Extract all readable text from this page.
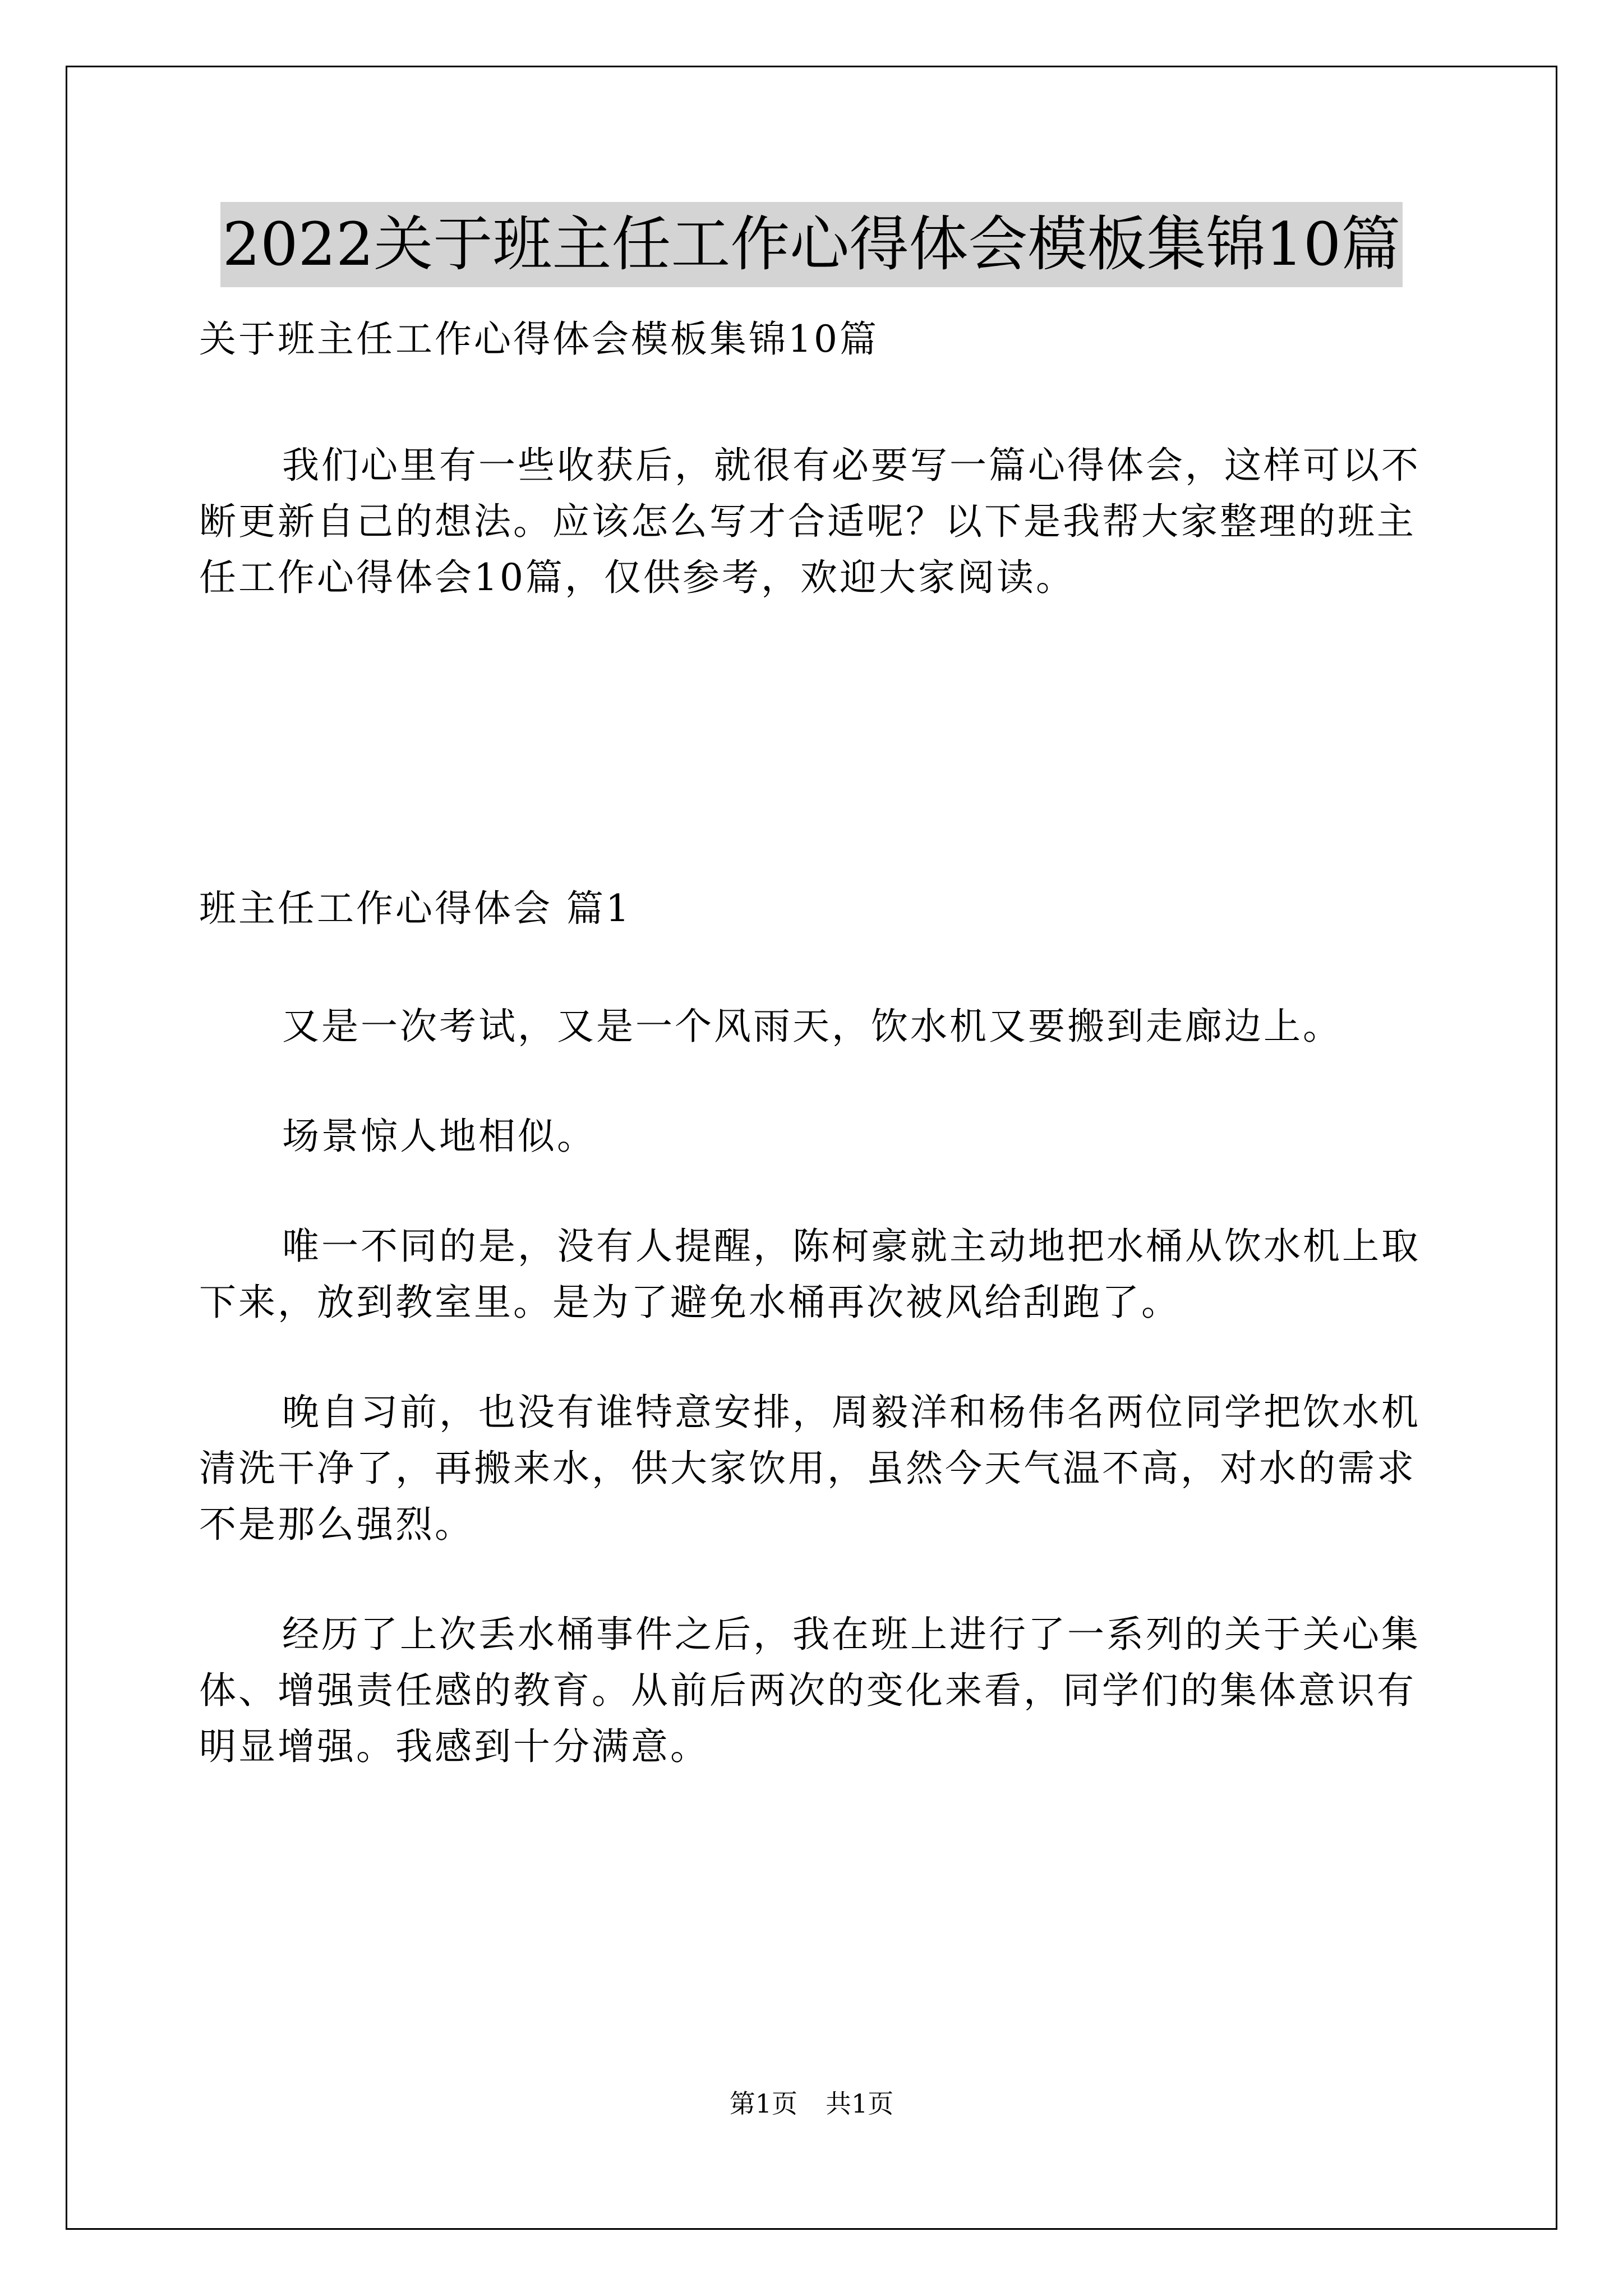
2022关于班主任工作心得体会模板集锦10篇

关于班主任工作心得体会模板集锦10篇

我们心里有一些收获后，就很有必要写一篇心得体会，这样可以不断更新自己的想法。应该怎么写才合适呢？以下是我帮大家整理的班主任工作心得体会10篇，仅供参考，欢迎大家阅读。

班主任工作心得体会 篇1

又是一次考试，又是一个风雨天，饮水机又要搬到走廊边上。

场景惊人地相似。

唯一不同的是，没有人提醒，陈柯豪就主动地把水桶从饮水机上取下来，放到教室里。是为了避免水桶再次被风给刮跑了。

晚自习前，也没有谁特意安排，周毅洋和杨伟名两位同学把饮水机清洗干净了，再搬来水，供大家饮用，虽然今天气温不高，对水的需求不是那么强烈。

经历了上次丢水桶事件之后，我在班上进行了一系列的关于关心集体、增强责任感的教育。从前后两次的变化来看，同学们的集体意识有明显增强。我感到十分满意。

第1页 共1页
